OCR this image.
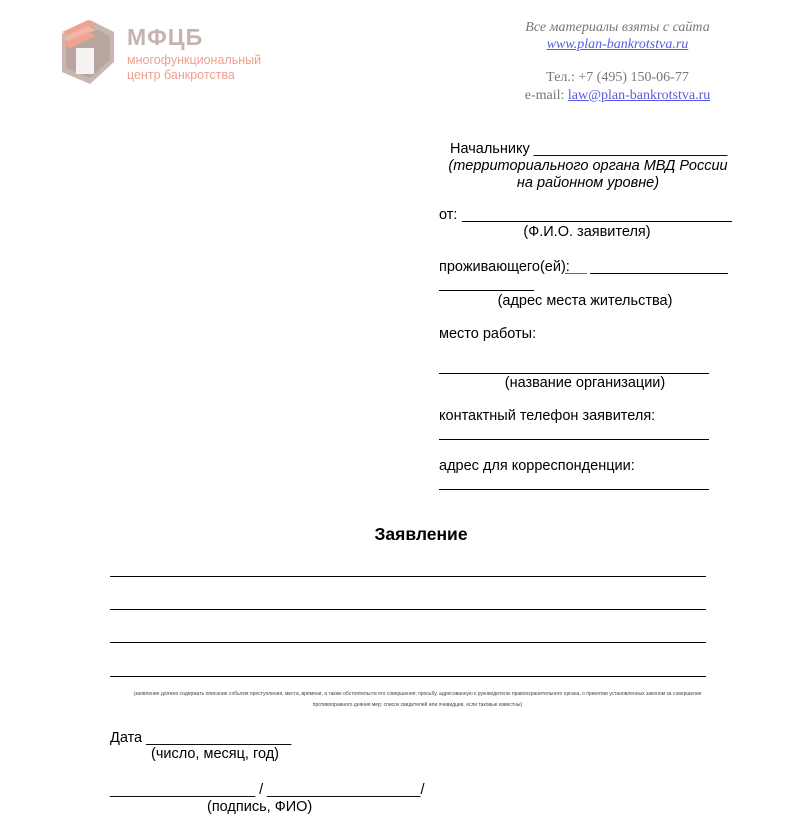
МФЦБ
многофункциональный
центр банкротства
Все материалы взяты с сайта
www.plan-bankrotstva.ru
Тел.: +7 (495) 150-06-77
e-mail: law@plan-bankrotstva.ru
Начальнику ________________________
(территориального органа МВД России
на районном уровне)
от:
(Ф.И.О. заявителя)
проживающего(ей):
(адрес места жительства)
место работы:
(название организации)
контактный телефон заявителя:
адрес для корреспонденции:
Заявление
(заявление должно содержать описание события преступления, места, времени, а также обстоятельств его совершения; просьбу, адресованную к руководителю правоохранительного органа, о принятии установленных законом за совершение
противоправного деяния мер; список свидетелей или очевидцев, если таковые известны)
Дата __________________
(число, месяц, год)
__________________ / ___________________/
(подпись, ФИО)
